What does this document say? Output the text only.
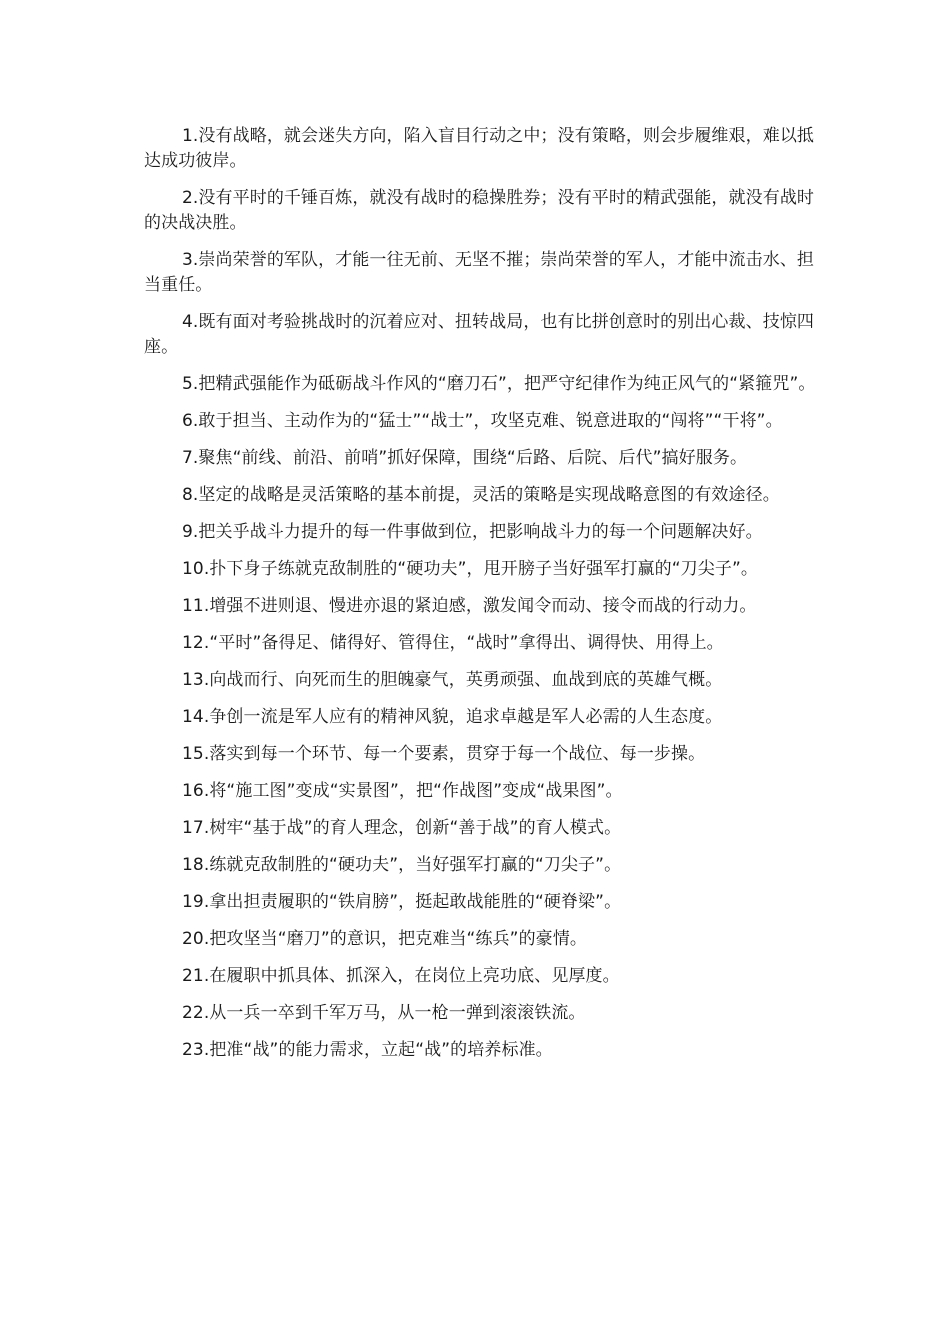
1.没有战略，就会迷失方向，陷入盲目行动之中；没有策略，则会步履维艰，难以抵达成功彼岸。

2.没有平时的千锤百炼，就没有战时的稳操胜券；没有平时的精武强能，就没有战时的决战决胜。

3.崇尚荣誉的军队，才能一往无前、无坚不摧；崇尚荣誉的军人，才能中流击水、担当重任。

4.既有面对考验挑战时的沉着应对、扭转战局，也有比拼创意时的别出心裁、技惊四座。

5.把精武强能作为砥砺战斗作风的“磨刀石”，把严守纪律作为纯正风气的“紧箍咒”。

6.敢于担当、主动作为的“猛士”“战士”，攻坚克难、锐意进取的“闯将”“干将”。

7.聚焦“前线、前沿、前哨”抓好保障，围绕“后路、后院、后代”搞好服务。

8.坚定的战略是灵活策略的基本前提，灵活的策略是实现战略意图的有效途径。

9.把关乎战斗力提升的每一件事做到位，把影响战斗力的每一个问题解决好。

10.扑下身子练就克敌制胜的“硬功夫”，甩开膀子当好强军打赢的“刀尖子”。

11.增强不进则退、慢进亦退的紧迫感，激发闻令而动、接令而战的行动力。

12.“平时”备得足、储得好、管得住，“战时”拿得出、调得快、用得上。

13.向战而行、向死而生的胆魄豪气，英勇顽强、血战到底的英雄气概。

14.争创一流是军人应有的精神风貌，追求卓越是军人必需的人生态度。

15.落实到每一个环节、每一个要素，贯穿于每一个战位、每一步操。

16.将“施工图”变成“实景图”，把“作战图”变成“战果图”。

17.树牢“基于战”的育人理念，创新“善于战”的育人模式。

18.练就克敌制胜的“硬功夫”，当好强军打赢的“刀尖子”。

19.拿出担责履职的“铁肩膀”，挺起敢战能胜的“硬脊梁”。

20.把攻坚当“磨刀”的意识，把克难当“练兵”的豪情。

21.在履职中抓具体、抓深入，在岗位上亮功底、见厚度。

22.从一兵一卒到千军万马，从一枪一弹到滚滚铁流。

23.把准“战”的能力需求，立起“战”的培养标准。
